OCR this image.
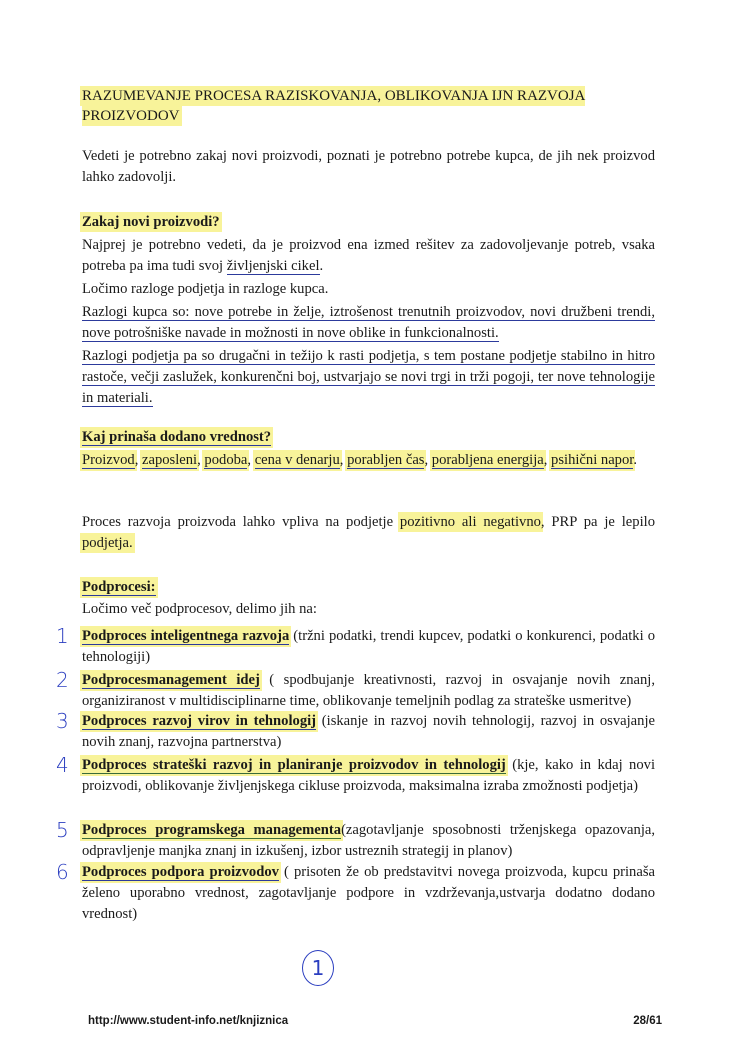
RAZUMEVANJE PROCESA RAZISKOVANJA, OBLIKOVANJA IJN RAZVOJA PROIZVODOV
Vedeti je potrebno zakaj novi proizvodi, poznati je potrebno potrebe kupca, de jih nek proizvod lahko zadovolji.
Zakaj novi proizvodi?
Najprej je potrebno vedeti, da je proizvod ena izmed rešitev za zadovoljevanje potreb, vsaka potreba pa ima tudi svoj življenjski cikel.
Ločimo razloge podjetja in razloge kupca.
Razlogi kupca so: nove potrebe in želje, iztrošenost trenutnih proizvodov, novi družbeni trendi, nove potrošniške navade in možnosti in nove oblike in funkcionalnosti.
Razlogi podjetja pa so drugačni in težijo k rasti podjetja, s tem postane podjetje stabilno in hitro rastoče, večji zaslužek, konkurenčni boj, ustvarjajo se novi trgi in trži pogoji, ter nove tehnologije in materiali.
Kaj prinaša dodano vrednost?
Proizvod, zaposleni, podoba, cena v denarju, porabljen čas, porabljena energija, psihični napor.
Proces razvoja proizvoda lahko vpliva na podjetje pozitivno ali negativno, PRP pa je lepilo podjetja.
Podprocesi:
Ločimo več podprocesov, delimo jih na:
1 Podproces inteligentnega razvoja (tržni podatki, trendi kupcev, podatki o konkurenci, podatki o tehnologiji)
2 Podprocesmanagement idej ( spodbujanje kreativnosti, razvoj in osvajanje novih znanj, organiziranost v multidisciplinarne time, oblikovanje temeljnih podlag za strateške usmeritve)
3 Podproces razvoj virov in tehnologij (iskanje in razvoj novih tehnologij, razvoj in osvajanje novih znanj, razvojna partnerstva)
4 Podproces strateški razvoj in planiranje proizvodov in tehnologij (kje, kako in kdaj novi proizvodi, oblikovanje življenjskega cikluse proizvoda, maksimalna izraba zmožnosti podjetja)
5 Podproces programskega managementa(zagotavljanje sposobnosti trženjskega opazovanja, odpravljenje manjka znanj in izkušenj, izbor ustreznih strategij in planov)
6 Podproces podpora proizvodov ( prisoten že ob predstavitvi novega proizvoda, kupcu prinaša želeno uporabno vrednost, zagotavljanje podpore in vzdrževanja,ustvarja dodatno dodano vrednost)
1
http://www.student-info.net/knjiznica	28/61
